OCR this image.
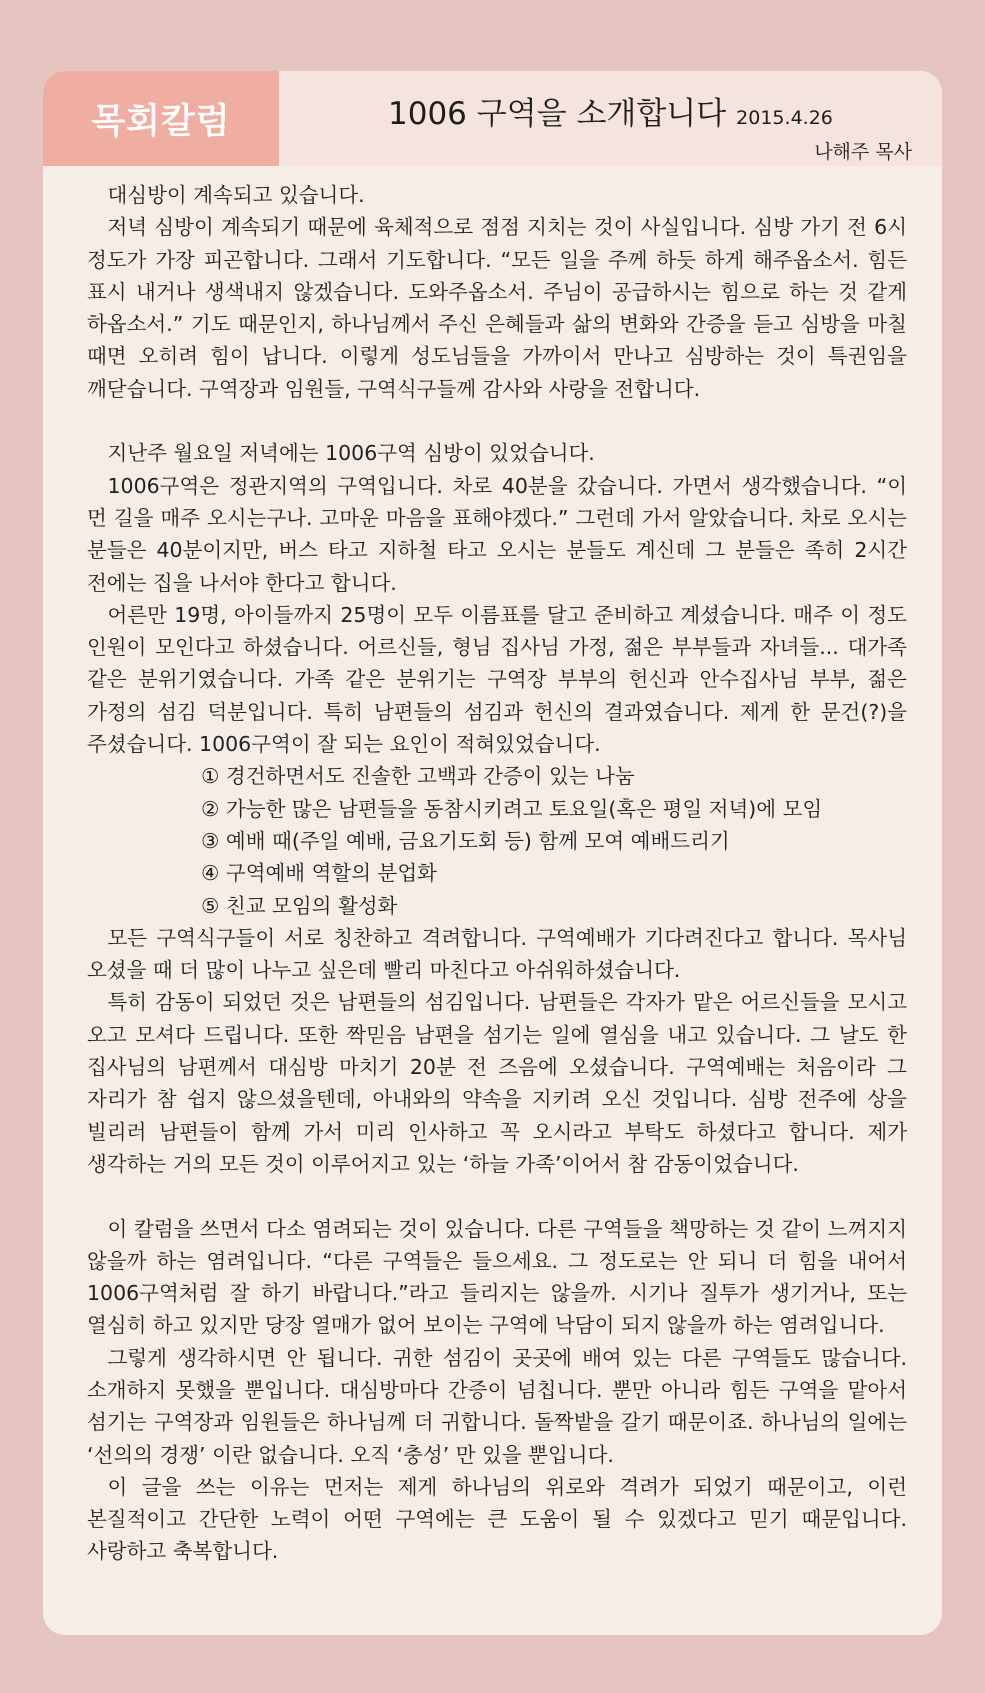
목회칼럼	1006 구역을 소개합니다 2015.4.26
나해주 목사

대심방이 계속되고 있습니다.

저녁 심방이 계속되기 때문에 육체적으로 점점 지치는 것이 사실입니다. 심방 가기 전 6시 정도가 가장 피곤합니다. 그래서 기도합니다. “모든 일을 주께 하듯 하게 해주옵소서. 힘든 표시 내거나 생색내지 않겠습니다. 도와주옵소서. 주님이 공급하시는 힘으로 하는 것 같게 하옵소서.” 기도 때문인지, 하나님께서 주신 은혜들과 삶의 변화와 간증을 듣고 심방을 마칠 때면 오히려 힘이 납니다. 이렇게 성도님들을 가까이서 만나고 심방하는 것이 특권임을 깨닫습니다. 구역장과 임원들, 구역식구들께 감사와 사랑을 전합니다.

지난주 월요일 저녁에는 1006구역 심방이 있었습니다.

1006구역은 정관지역의 구역입니다. 차로 40분을 갔습니다. 가면서 생각했습니다. “이 먼 길을 매주 오시는구나. 고마운 마음을 표해야겠다.” 그런데 가서 알았습니다. 차로 오시는 분들은 40분이지만, 버스 타고 지하철 타고 오시는 분들도 계신데 그 분들은 족히 2시간 전에는 집을 나서야 한다고 합니다.

어른만 19명, 아이들까지 25명이 모두 이름표를 달고 준비하고 계셨습니다. 매주 이 정도 인원이 모인다고 하셨습니다. 어르신들, 형님 집사님 가정, 젊은 부부들과 자녀들... 대가족 같은 분위기였습니다. 가족 같은 분위기는 구역장 부부의 헌신과 안수집사님 부부, 젊은 가정의 섬김 덕분입니다. 특히 남편들의 섬김과 헌신의 결과였습니다. 제게 한 문건(?)을 주셨습니다. 1006구역이 잘 되는 요인이 적혀있었습니다.

① 경건하면서도 진솔한 고백과 간증이 있는 나눔
② 가능한 많은 남편들을 동참시키려고 토요일(혹은 평일 저녁)에 모임
③ 예배 때(주일 예배, 금요기도회 등) 함께 모여 예배드리기
④ 구역예배 역할의 분업화
⑤ 친교 모임의 활성화

모든 구역식구들이 서로 칭찬하고 격려합니다. 구역예배가 기다려진다고 합니다. 목사님 오셨을 때 더 많이 나누고 싶은데 빨리 마친다고 아쉬워하셨습니다.

특히 감동이 되었던 것은 남편들의 섬김입니다. 남편들은 각자가 맡은 어르신들을 모시고 오고 모셔다 드립니다. 또한 짝믿음 남편을 섬기는 일에 열심을 내고 있습니다. 그 날도 한 집사님의 남편께서 대심방 마치기 20분 전 즈음에 오셨습니다. 구역예배는 처음이라 그 자리가 참 쉽지 않으셨을텐데, 아내와의 약속을 지키려 오신 것입니다. 심방 전주에 상을 빌리러 남편들이 함께 가서 미리 인사하고 꼭 오시라고 부탁도 하셨다고 합니다. 제가 생각하는 거의 모든 것이 이루어지고 있는 ‘하늘 가족’이어서 참 감동이었습니다.

이 칼럼을 쓰면서 다소 염려되는 것이 있습니다. 다른 구역들을 책망하는 것 같이 느껴지지 않을까 하는 염려입니다. “다른 구역들은 들으세요. 그 정도로는 안 되니 더 힘을 내어서 1006구역처럼 잘 하기 바랍니다.”라고 들리지는 않을까. 시기나 질투가 생기거나, 또는 열심히 하고 있지만 당장 열매가 없어 보이는 구역에 낙담이 되지 않을까 하는 염려입니다.

그렇게 생각하시면 안 됩니다. 귀한 섬김이 곳곳에 배여 있는 다른 구역들도 많습니다. 소개하지 못했을 뿐입니다. 대심방마다 간증이 넘칩니다. 뿐만 아니라 힘든 구역을 맡아서 섬기는 구역장과 임원들은 하나님께 더 귀합니다. 돌짝밭을 갈기 때문이죠. 하나님의 일에는 ‘선의의 경쟁’ 이란 없습니다. 오직 ‘충성’ 만 있을 뿐입니다.

이 글을 쓰는 이유는 먼저는 제게 하나님의 위로와 격려가 되었기 때문이고, 이런 본질적이고 간단한 노력이 어떤 구역에는 큰 도움이 될 수 있겠다고 믿기 때문입니다. 사랑하고 축복합니다.
